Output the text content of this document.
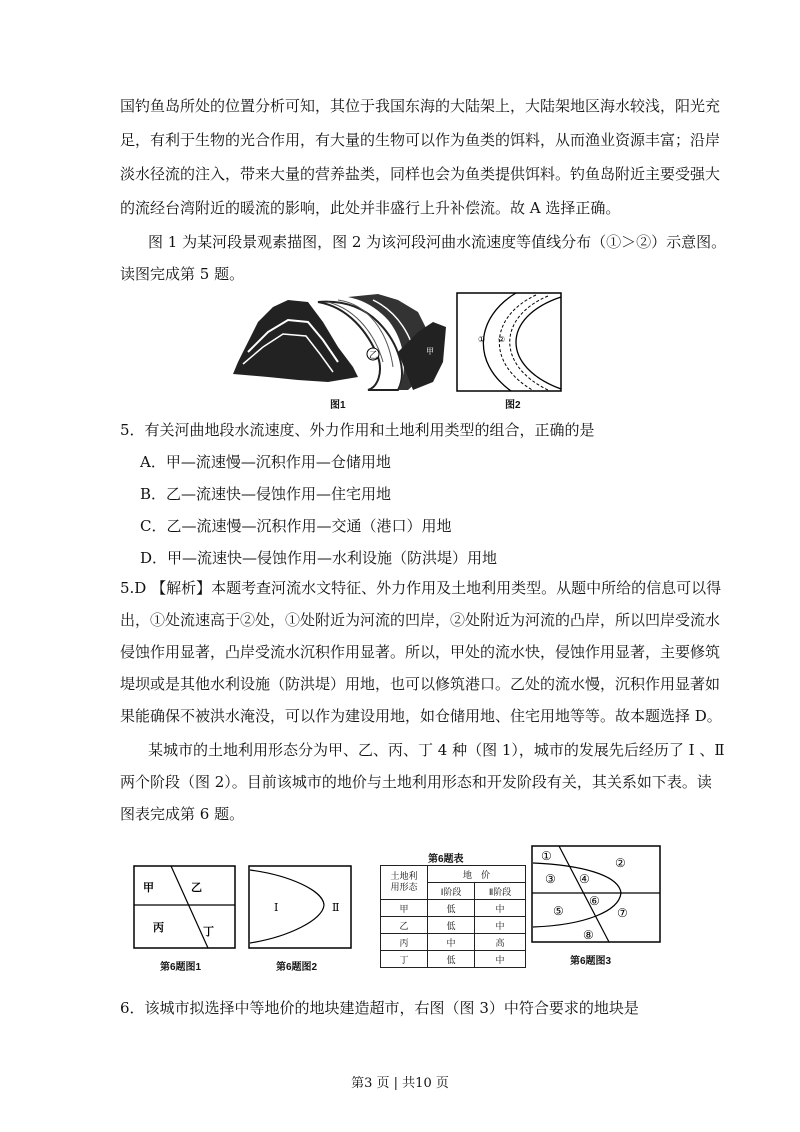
国钓鱼岛所处的位置分析可知，其位于我国东海的大陆架上，大陆架地区海水较浅，阳光充
足，有利于生物的光合作用，有大量的生物可以作为鱼类的饵料，从而渔业资源丰富；沿岸
淡水径流的注入，带来大量的营养盐类，同样也会为鱼类提供饵料。钓鱼岛附近主要受强大
的流经台湾附近的暖流的影响，此处并非盛行上升补偿流。故 A 选择正确。
图 1 为某河段景观素描图，图 2 为该河段河曲水流速度等值线分布（①＞②）示意图。
读图完成第 5 题。
乙	甲
图1
① ②
图2
5．有关河曲地段水流速度、外力作用和土地利用类型的组合，正确的是
A．甲—流速慢—沉积作用—仓储用地
B．乙—流速快—侵蚀作用—住宅用地
C．乙—流速慢—沉积作用—交通（港口）用地
D．甲—流速快—侵蚀作用—水利设施（防洪堤）用地
5.D 【解析】本题考查河流水文特征、外力作用及土地利用类型。从题中所给的信息可以得
出，①处流速高于②处，①处附近为河流的凹岸，②处附近为河流的凸岸，所以凹岸受流水
侵蚀作用显著，凸岸受流水沉积作用显著。所以，甲处的流水快，侵蚀作用显著，主要修筑
堤坝或是其他水利设施（防洪堤）用地，也可以修筑港口。乙处的流水慢，沉积作用显著如
果能确保不被洪水淹没，可以作为建设用地，如仓储用地、住宅用地等等。故本题选择 D。
某城市的土地利用形态分为甲、乙、丙、丁 4 种（图 1），城市的发展先后经历了 Ⅰ 、Ⅱ
两个阶段（图 2）。目前该城市的地价与土地利用形态和开发阶段有关，其关系如下表。读
图表完成第 6 题。
甲	乙
丙	丁
第6题图1
Ⅰ	Ⅱ
第6题图2
第6题表
土地利
用形态	地　价	
	Ⅰ阶段	Ⅱ阶段
甲	低	中
乙	低	中
丙	中	高
丁	低	中
①	②
③ ④
⑤
⑥
⑦
⑧
第6题图3
6．该城市拟选择中等地价的地块建造超市，右图（图 3）中符合要求的地块是
第3 页 | 共10 页
